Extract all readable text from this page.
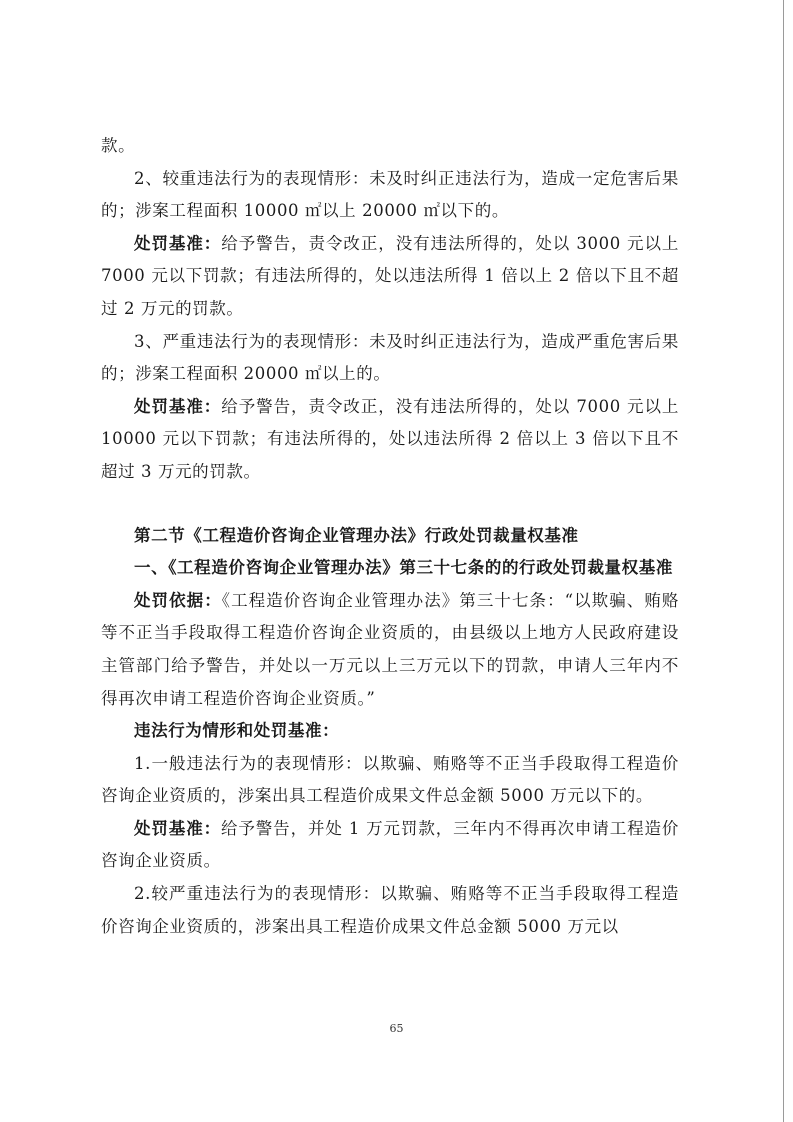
款。

2、较重违法行为的表现情形：未及时纠正违法行为，造成一定危害后果的；涉案工程面积 10000 ㎡以上 20000 ㎡以下的。

处罚基准：给予警告，责令改正，没有违法所得的，处以 3000 元以上 7000 元以下罚款；有违法所得的，处以违法所得 1 倍以上 2 倍以下且不超过 2 万元的罚款。

3、严重违法行为的表现情形：未及时纠正违法行为，造成严重危害后果的；涉案工程面积 20000 ㎡以上的。

处罚基准：给予警告，责令改正，没有违法所得的，处以 7000 元以上 10000 元以下罚款；有违法所得的，处以违法所得 2 倍以上 3 倍以下且不超过 3 万元的罚款。

第二节《工程造价咨询企业管理办法》行政处罚裁量权基准

一、《工程造价咨询企业管理办法》第三十七条的的行政处罚裁量权基准

处罚依据：《工程造价咨询企业管理办法》第三十七条：“以欺骗、贿赂等不正当手段取得工程造价咨询企业资质的，由县级以上地方人民政府建设主管部门给予警告，并处以一万元以上三万元以下的罚款，申请人三年内不得再次申请工程造价咨询企业资质。”

违法行为情形和处罚基准：

1.一般违法行为的表现情形：以欺骗、贿赂等不正当手段取得工程造价咨询企业资质的，涉案出具工程造价成果文件总金额 5000 万元以下的。

处罚基准：给予警告，并处 1 万元罚款，三年内不得再次申请工程造价咨询企业资质。

2.较严重违法行为的表现情形：以欺骗、贿赂等不正当手段取得工程造价咨询企业资质的，涉案出具工程造价成果文件总金额 5000 万元以

65
